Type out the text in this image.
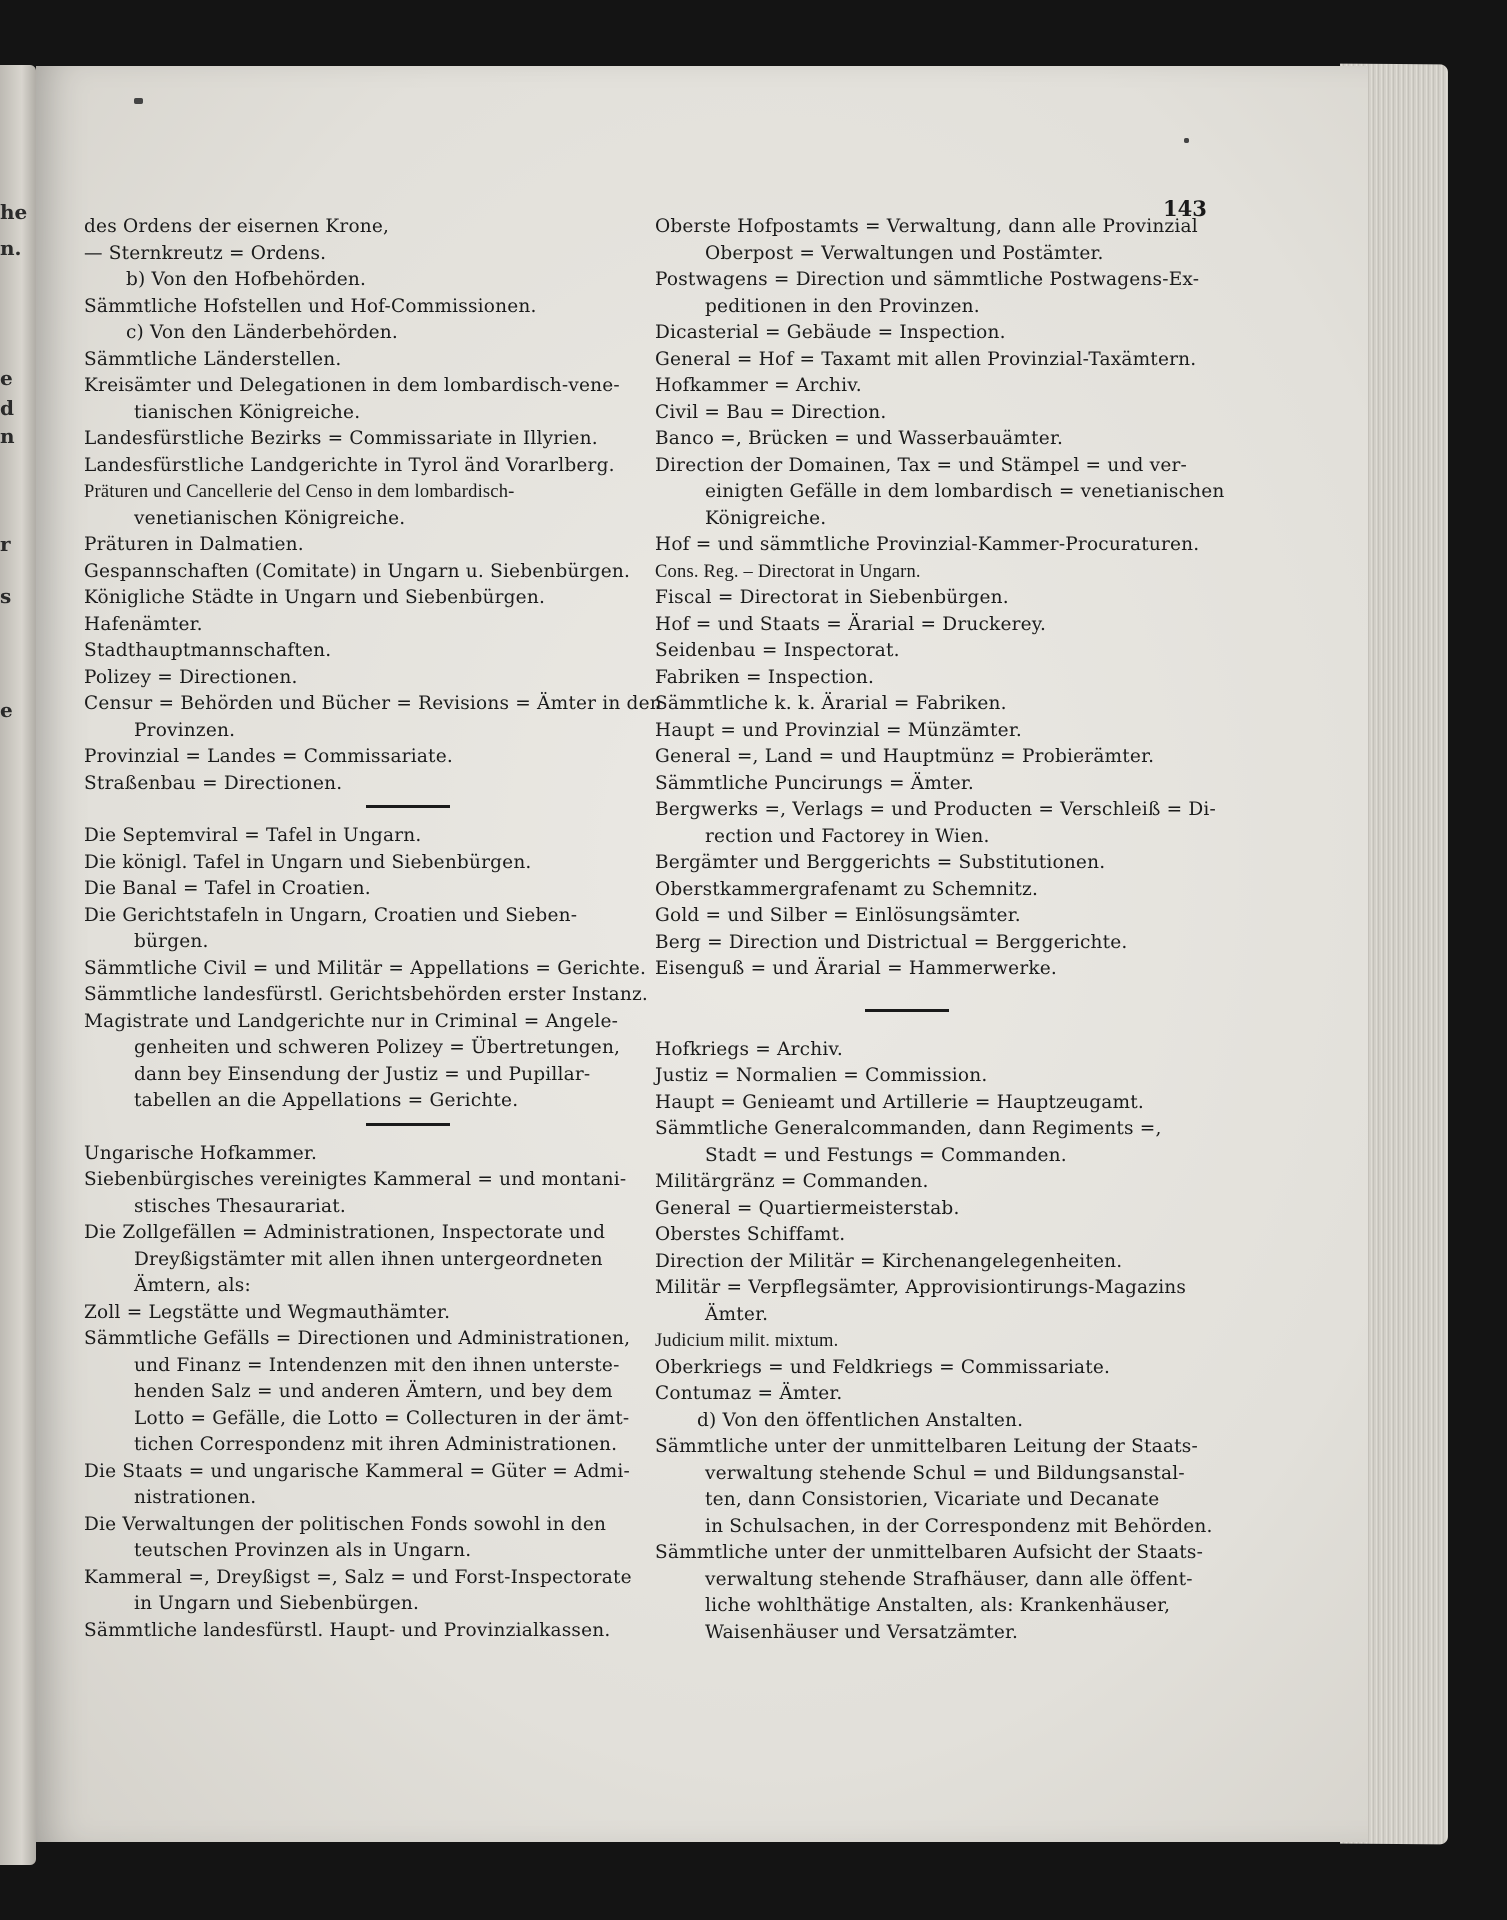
he
n.
e
d
n
r
s
e
143
des Ordens der eisernen Krone,
— Sternkreutz = Ordens.
b) Von den Hofbehörden.
Sämmtliche Hofstellen und Hof-Commissionen.
c) Von den Länderbehörden.
Sämmtliche Länderstellen.
Kreisämter und Delegationen in dem lombardisch-vene-
tianischen Königreiche.
Landesfürstliche Bezirks = Commissariate in Illyrien.
Landesfürstliche Landgerichte in Tyrol änd Vorarlberg.
Präturen und Cancellerie del Censo in dem lombardisch-
venetianischen Königreiche.
Präturen in Dalmatien.
Gespannschaften (Comitate) in Ungarn u. Siebenbürgen.
Königliche Städte in Ungarn und Siebenbürgen.
Hafenämter.
Stadthauptmannschaften.
Polizey = Directionen.
Censur = Behörden und Bücher = Revisions = Ämter in den
Provinzen.
Provinzial = Landes = Commissariate.
Straßenbau = Directionen.
Die Septemviral = Tafel in Ungarn.
Die königl. Tafel in Ungarn und Siebenbürgen.
Die Banal = Tafel in Croatien.
Die Gerichtstafeln in Ungarn, Croatien und Sieben-
bürgen.
Sämmtliche Civil = und Militär = Appellations = Gerichte.
Sämmtliche landesfürstl. Gerichtsbehörden erster Instanz.
Magistrate und Landgerichte nur in Criminal = Angele-
genheiten und schweren Polizey = Übertretungen,
dann bey Einsendung der Justiz = und Pupillar-
tabellen an die Appellations = Gerichte.
Ungarische Hofkammer.
Siebenbürgisches vereinigtes Kammeral = und montani-
stisches Thesaurariat.
Die Zollgefällen = Administrationen, Inspectorate und
Dreyßigstämter mit allen ihnen untergeordneten
Ämtern, als:
Zoll = Legstätte und Wegmauthämter.
Sämmtliche Gefälls = Directionen und Administrationen,
und Finanz = Intendenzen mit den ihnen unterste-
henden Salz = und anderen Ämtern, und bey dem
Lotto = Gefälle, die Lotto = Collecturen in der ämt-
tichen Correspondenz mit ihren Administrationen.
Die Staats = und ungarische Kammeral = Güter = Admi-
nistrationen.
Die Verwaltungen der politischen Fonds sowohl in den
teutschen Provinzen als in Ungarn.
Kammeral =, Dreyßigst =, Salz = und Forst-Inspectorate
in Ungarn und Siebenbürgen.
Sämmtliche landesfürstl. Haupt- und Provinzialkassen.
Oberste Hofpostamts = Verwaltung, dann alle Provinzial
Oberpost = Verwaltungen und Postämter.
Postwagens = Direction und sämmtliche Postwagens-Ex-
peditionen in den Provinzen.
Dicasterial = Gebäude = Inspection.
General = Hof = Taxamt mit allen Provinzial-Taxämtern.
Hofkammer = Archiv.
Civil = Bau = Direction.
Banco =, Brücken = und Wasserbauämter.
Direction der Domainen, Tax = und Stämpel = und ver-
einigten Gefälle in dem lombardisch = venetianischen
Königreiche.
Hof = und sämmtliche Provinzial-Kammer-Procuraturen.
Cons. Reg. – Directorat in Ungarn.
Fiscal = Directorat in Siebenbürgen.
Hof = und Staats = Ärarial = Druckerey.
Seidenbau = Inspectorat.
Fabriken = Inspection.
Sämmtliche k. k. Ärarial = Fabriken.
Haupt = und Provinzial = Münzämter.
General =, Land = und Hauptmünz = Probierämter.
Sämmtliche Puncirungs = Ämter.
Bergwerks =, Verlags = und Producten = Verschleiß = Di-
rection und Factorey in Wien.
Bergämter und Berggerichts = Substitutionen.
Oberstkammergrafenamt zu Schemnitz.
Gold = und Silber = Einlösungsämter.
Berg = Direction und Districtual = Berggerichte.
Eisenguß = und Ärarial = Hammerwerke.
Hofkriegs = Archiv.
Justiz = Normalien = Commission.
Haupt = Genieamt und Artillerie = Hauptzeugamt.
Sämmtliche Generalcommanden, dann Regiments =,
Stadt = und Festungs = Commanden.
Militärgränz = Commanden.
General = Quartiermeisterstab.
Oberstes Schiffamt.
Direction der Militär = Kirchenangelegenheiten.
Militär = Verpflegsämter, Approvisiontirungs-Magazins
Ämter.
Judicium milit. mixtum.
Oberkriegs = und Feldkriegs = Commissariate.
Contumaz = Ämter.
d) Von den öffentlichen Anstalten.
Sämmtliche unter der unmittelbaren Leitung der Staats-
verwaltung stehende Schul = und Bildungsanstal-
ten, dann Consistorien, Vicariate und Decanate
in Schulsachen, in der Correspondenz mit Behörden.
Sämmtliche unter der unmittelbaren Aufsicht der Staats-
verwaltung stehende Strafhäuser, dann alle öffent-
liche wohlthätige Anstalten, als: Krankenhäuser,
Waisenhäuser und Versatzämter.
